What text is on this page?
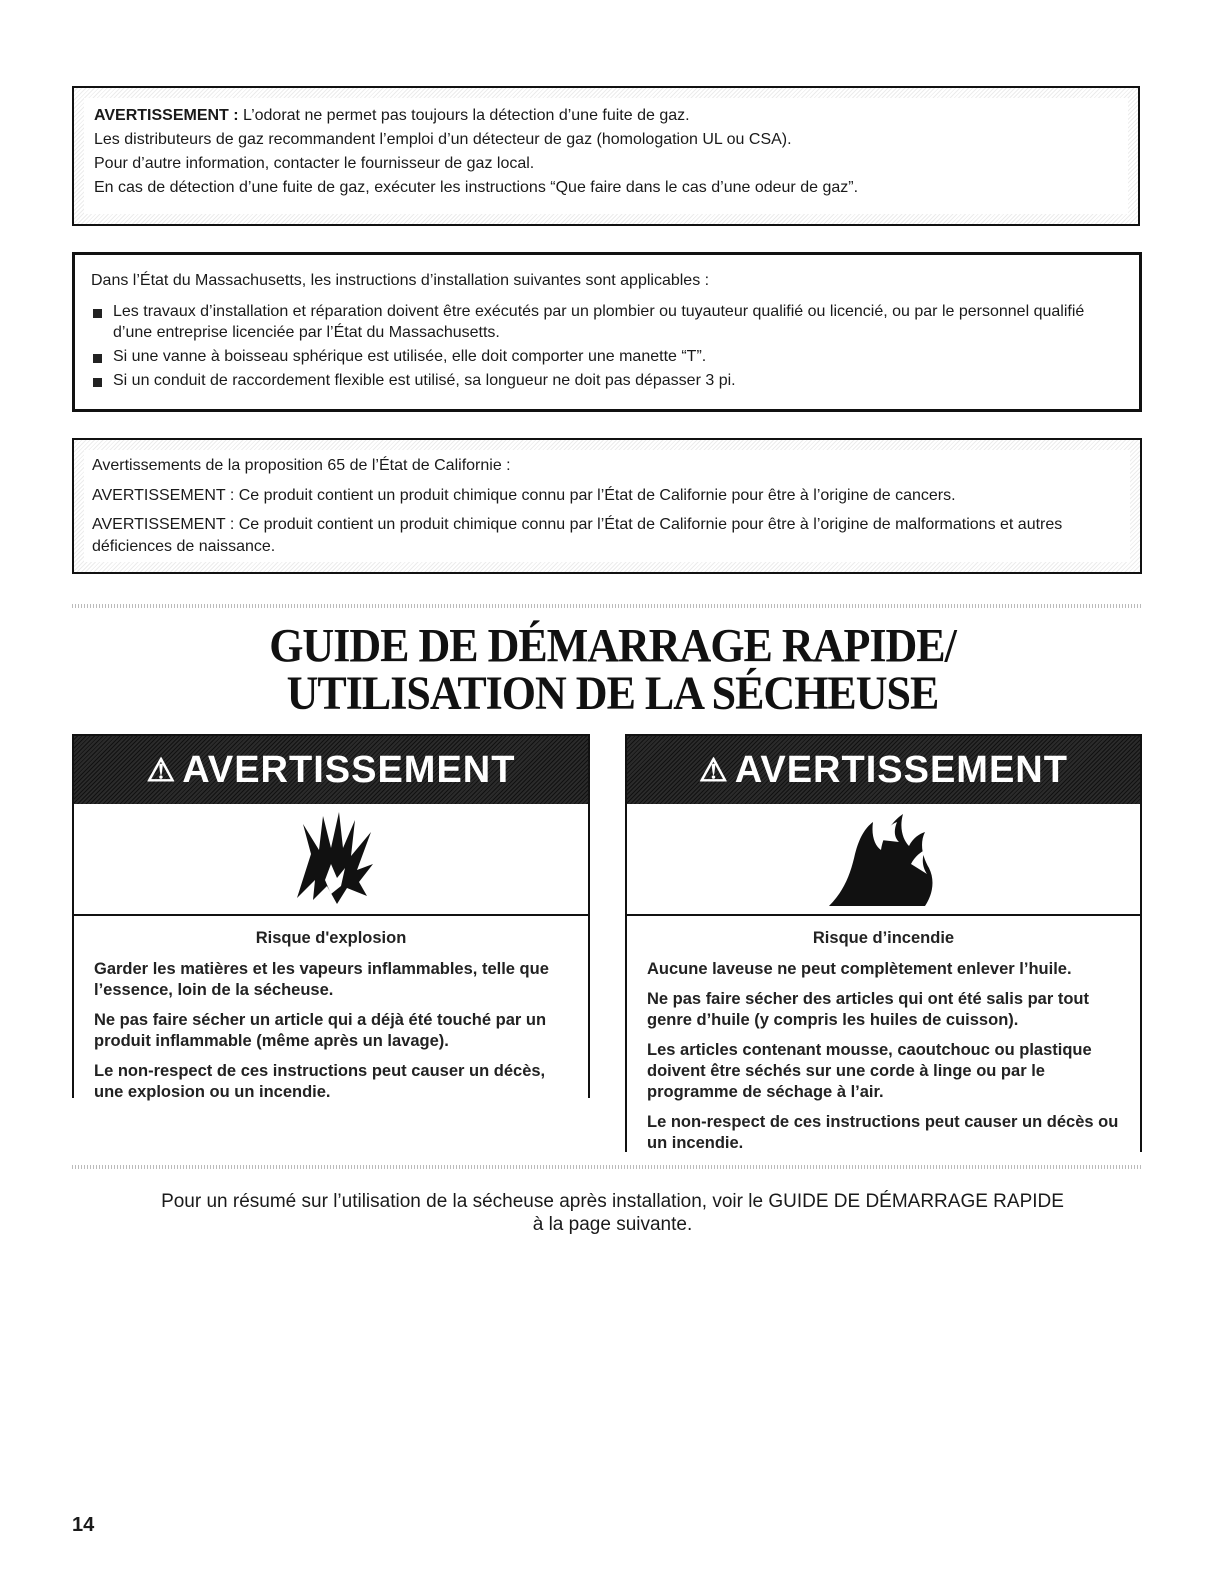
AVERTISSEMENT : L’odorat ne permet pas toujours la détection d’une fuite de gaz.
Les distributeurs de gaz recommandent l’emploi d’un détecteur de gaz (homologation UL ou CSA).
Pour d’autre information, contacter le fournisseur de gaz local.
En cas de détection d’une fuite de gaz, exécuter les instructions “Que faire dans le cas d’une odeur de gaz”.
Dans l’État du Massachusetts, les instructions d’installation suivantes sont applicables :
Les travaux d’installation et réparation doivent être exécutés par un plombier ou tuyauteur qualifié ou licencié, ou par le personnel qualifié d’une entreprise licenciée par l’État du Massachusetts.
Si une vanne à boisseau sphérique est utilisée, elle doit comporter une manette “T”.
Si un conduit de raccordement flexible est utilisé, sa longueur ne doit pas dépasser 3 pi.
Avertissements de la proposition 65 de l’État de Californie :
AVERTISSEMENT : Ce produit contient un produit chimique connu par l’État de Californie pour être à l’origine de cancers.
AVERTISSEMENT : Ce produit contient un produit chimique connu par l’État de Californie pour être à l’origine de malformations et autres déficiences de naissance.
GUIDE DE DÉMARRAGE RAPIDE/
UTILISATION DE LA SÉCHEUSE
⚠ AVERTISSEMENT
Risque d'explosion
Garder les matières et les vapeurs inflammables, telle que l’essence, loin de la sécheuse.
Ne pas faire sécher un article qui a déjà été touché par un produit inflammable (même après un lavage).
Le non-respect de ces instructions peut causer un décès, une explosion ou un incendie.
⚠ AVERTISSEMENT
Risque d’incendie
Aucune laveuse ne peut complètement enlever l’huile.
Ne pas faire sécher des articles qui ont été salis par tout genre d’huile (y compris les huiles de cuisson).
Les articles contenant mousse, caoutchouc ou plastique doivent être séchés sur une corde à linge ou par le programme de séchage à l’air.
Le non-respect de ces instructions peut causer un décès ou un incendie.
Pour un résumé sur l’utilisation de la sécheuse après installation, voir le GUIDE DE DÉMARRAGE RAPIDE
à la page suivante.
14
